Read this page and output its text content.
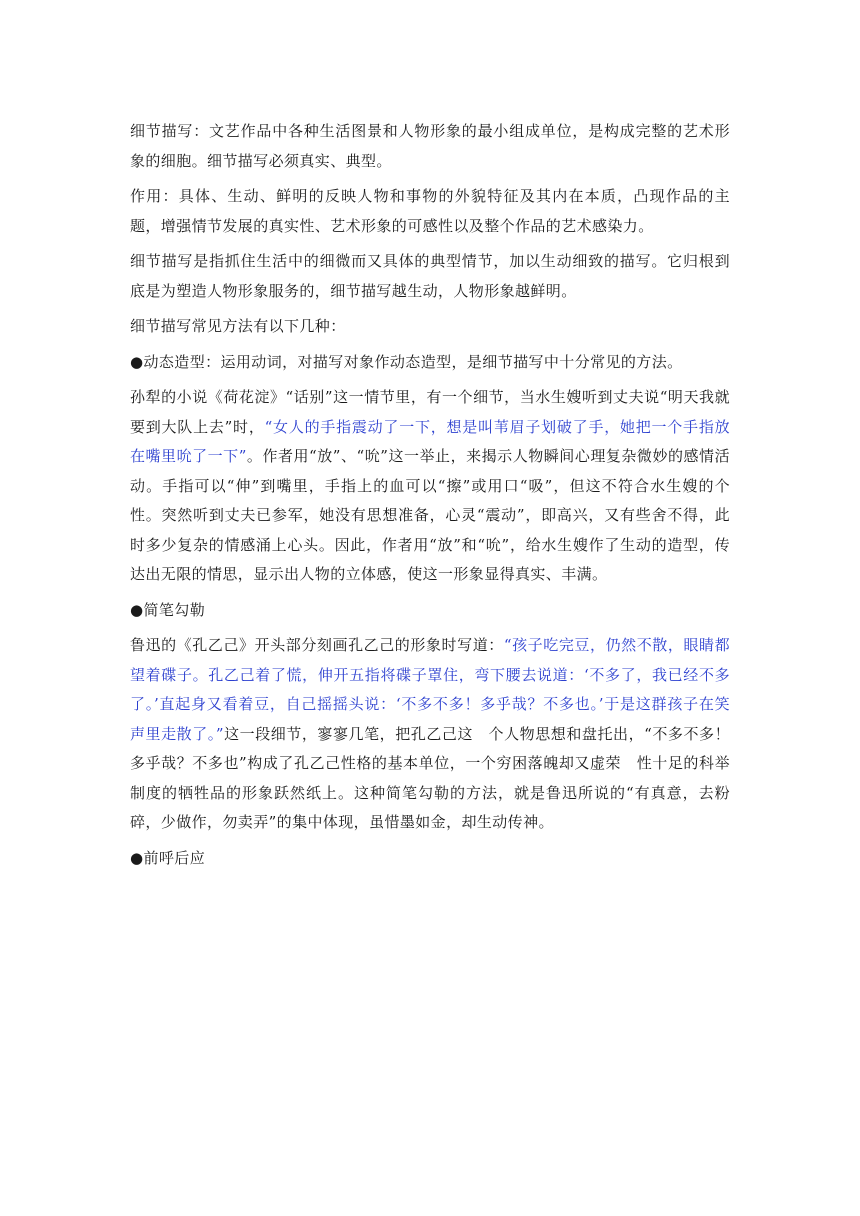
细节描写：文艺作品中各种生活图景和人物形象的最小组成单位，是构成完整的艺术形象的细胞。细节描写必须真实、典型。

作用：具体、生动、鲜明的反映人物和事物的外貌特征及其内在本质，凸现作品的主题，增强情节发展的真实性、艺术形象的可感性以及整个作品的艺术感染力。

细节描写是指抓住生活中的细微而又具体的典型情节，加以生动细致的描写。它归根到底是为塑造人物形象服务的，细节描写越生动，人物形象越鲜明。

细节描写常见方法有以下几种：

●动态造型：运用动词，对描写对象作动态造型，是细节描写中十分常见的方法。

孙犁的小说《荷花淀》“话别”这一情节里，有一个细节，当水生嫂听到丈夫说“明天我就要到大队上去”时，“女人的手指震动了一下，想是叫苇眉子划破了手，她把一个手指放在嘴里吮了一下”。作者用“放”、“吮”这一举止，来揭示人物瞬间心理复杂微妙的感情活动。手指可以“伸”到嘴里，手指上的血可以“擦”或用口“吸”，但这不符合水生嫂的个性。突然听到丈夫已参军，她没有思想准备，心灵“震动”，即高兴，又有些舍不得，此时多少复杂的情感涌上心头。因此，作者用“放”和“吮”，给水生嫂作了生动的造型，传达出无限的情思，显示出人物的立体感，使这一形象显得真实、丰满。

●简笔勾勒

鲁迅的《孔乙己》开头部分刻画孔乙己的形象时写道：“孩子吃完豆，仍然不散，眼睛都望着碟子。孔乙己着了慌，伸开五指将碟子罩住，弯下腰去说道：‘不多了，我已经不多了。’直起身又看着豆，自己摇摇头说：‘不多不多！多乎哉？不多也。’于是这群孩子在笑声里走散了。”这一段细节，寥寥几笔，把孔乙己这　个人物思想和盘托出，“不多不多！多乎哉？不多也”构成了孔乙己性格的基本单位，一个穷困落魄却又虚荣　性十足的科举制度的牺牲品的形象跃然纸上。这种简笔勾勒的方法，就是鲁迅所说的“有真意，去粉碎，少做作，勿卖弄”的集中体现，虽惜墨如金，却生动传神。

●前呼后应
